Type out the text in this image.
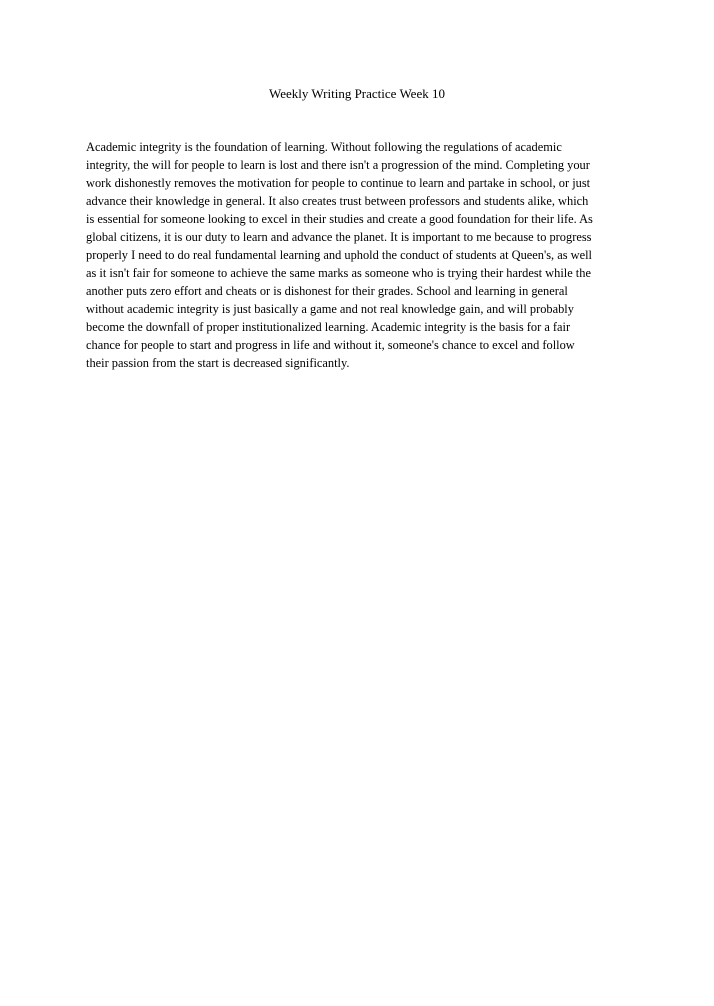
Weekly Writing Practice Week 10
Academic integrity is the foundation of learning. Without following the regulations of academic
integrity, the will for people to learn is lost and there isn't a progression of the mind. Completing your
work dishonestly removes the motivation for people to continue to learn and partake in school, or just
advance their knowledge in general. It also creates trust between professors and students alike, which
is essential for someone looking to excel in their studies and create a good foundation for their life. As
global citizens, it is our duty to learn and advance the planet. It is important to me because to progress
properly I need to do real fundamental learning and uphold the conduct of students at Queen's, as well
as it isn't fair for someone to achieve the same marks as someone who is trying their hardest while the
another puts zero effort and cheats or is dishonest for their grades. School and learning in general
without academic integrity is just basically a game and not real knowledge gain, and will probably
become the downfall of proper institutionalized learning. Academic integrity is the basis for a fair
chance for people to start and progress in life and without it, someone's chance to excel and follow
their passion from the start is decreased significantly.
